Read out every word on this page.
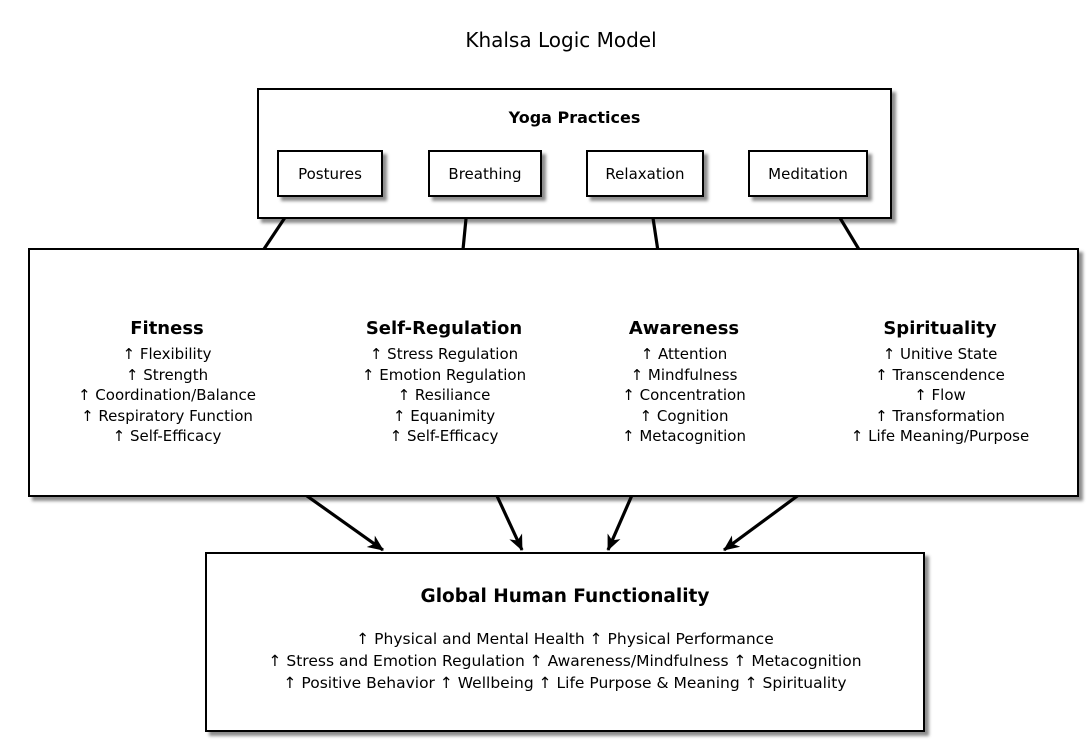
Khalsa Logic Model
Yoga Practices
Postures	Breathing	Relaxation	Meditation
Fitness
↑ Flexibility
↑ Strength
↑ Coordination/Balance
↑ Respiratory Function
↑ Self-Efficacy
Self-Regulation
↑ Stress Regulation
↑ Emotion Regulation
↑ Resiliance
↑ Equanimity
↑ Self-Efficacy
Awareness
↑ Attention
↑ Mindfulness
↑ Concentration
↑ Cognition
↑ Metacognition
Spirituality
↑ Unitive State
↑ Transcendence
↑ Flow
↑ Transformation
↑ Life Meaning/Purpose
Global Human Functionality
↑ Physical and Mental Health ↑ Physical Performance
↑ Stress and Emotion Regulation ↑ Awareness/Mindfulness ↑ Metacognition
↑ Positive Behavior ↑ Wellbeing ↑ Life Purpose & Meaning ↑ Spirituality
